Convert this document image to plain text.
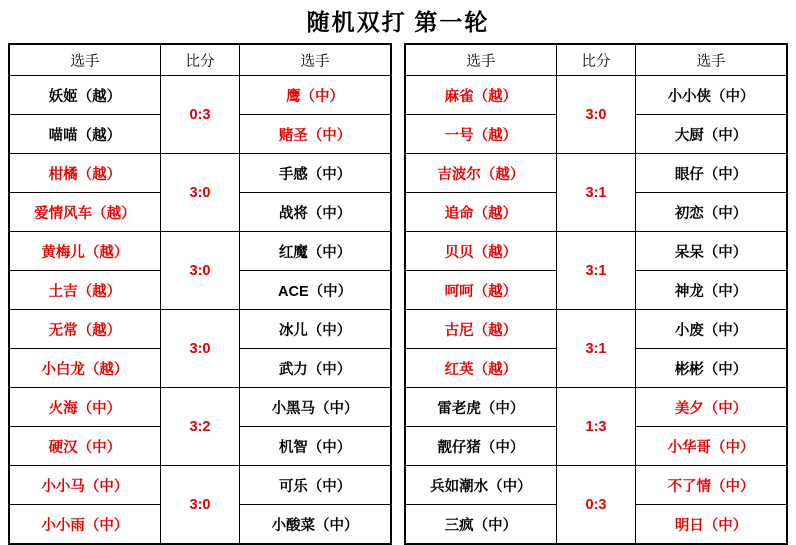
随机双打 第一轮
选手	比分	选手
妖姬（越）	0:3	鹰（中）
喵喵（越）		赌圣（中）
柑橘（越）	3:0	手感（中）
爱情风车（越）		战将（中）
黄梅儿（越）	3:0	红魔（中）
土吉（越）		ACE（中）
无常（越）	3:0	冰儿（中）
小白龙（越）		武力（中）
火海（中）	3:2	小黑马（中）
硬汉（中）		机智（中）
小小马（中）	3:0	可乐（中）
小小雨（中）		小酸菜（中）
选手	比分	选手
麻雀（越）	3:0	小小侠（中）
一号（越）		大厨（中）
吉波尔（越）	3:1	眼仔（中）
追命（越）		初恋（中）
贝贝（越）	3:1	呆呆（中）
呵呵（越）		神龙（中）
古尼（越）	3:1	小废（中）
红英（越）		彬彬（中）
雷老虎（中）	1:3	美夕（中）
靓仔猪（中）		小华哥（中）
兵如潮水（中）	0:3	不了情（中）
三疯（中）		明日（中）
